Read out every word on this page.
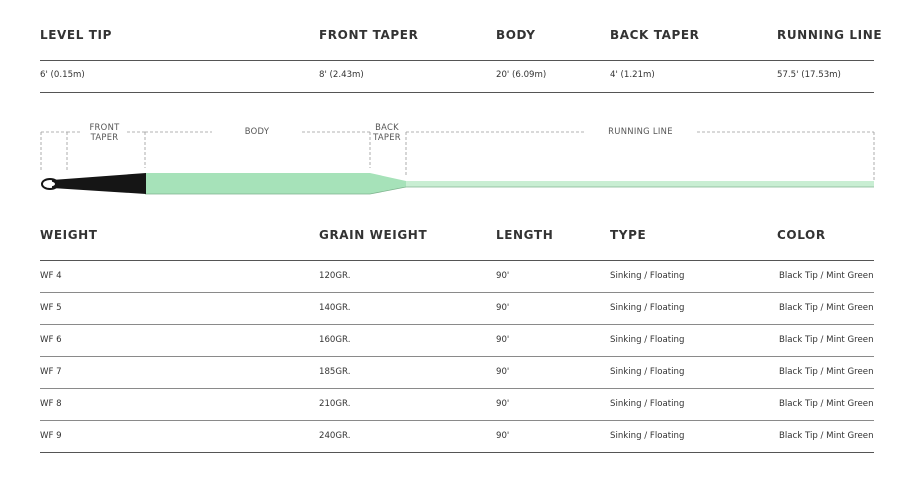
LEVEL TIP	FRONT TAPER	BODY	BACK TAPER	RUNNING LINE
6' (0.15m)	8' (2.43m)	20' (6.09m)	4' (1.21m)	57.5' (17.53m)
FRONT
TAPER
BODY	BACK
TAPER
RUNNING LINE
WEIGHT	GRAIN WEIGHT	LENGTH	TYPE	COLOR
WF 4	120GR.	90'	Sinking / Floating	Black Tip / Mint Green
WF 5	140GR.	90'	Sinking / Floating	Black Tip / Mint Green
WF 6	160GR.	90'	Sinking / Floating	Black Tip / Mint Green
WF 7	185GR.	90'	Sinking / Floating	Black Tip / Mint Green
WF 8	210GR.	90'	Sinking / Floating	Black Tip / Mint Green
WF 9	240GR.	90'	Sinking / Floating	Black Tip / Mint Green
